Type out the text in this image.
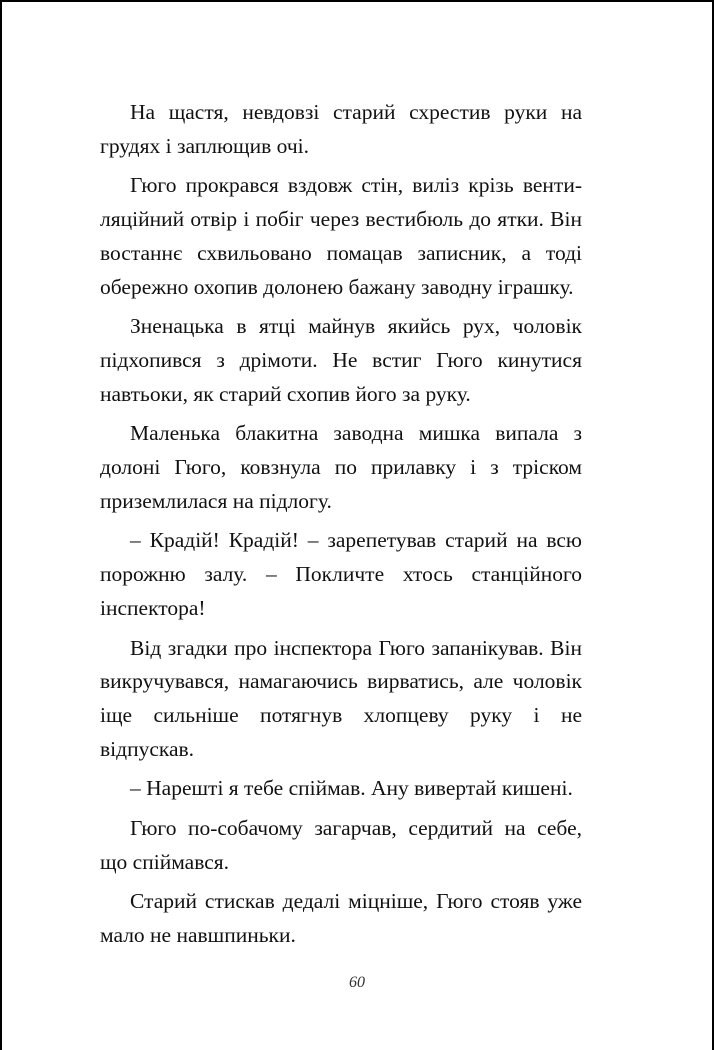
На щастя, невдовзі старий схрестив руки на грудях і заплющив очі.

Гюго прокрався вздовж стін, виліз крізь вентиляційний отвір і побіг через вестибюль до ятки. Він востаннє схвильовано помацав записник, а тоді обережно охопив долонею бажану заводну іграшку.

Зненацька в ятці майнув якийсь рух, чоловік підхопився з дрімоти. Не встиг Гюго кинутися навтьоки, як старий схопив його за руку.

Маленька блакитна заводна мишка випала з долоні Гюго, ковзнула по прилавку і з тріском приземлилася на підлогу.

– Крадій! Крадій! – зарепетував старий на всю порожню залу. – Покличте хтось станційного інспектора!

Від згадки про інспектора Гюго запанікував. Він викручувався, намагаючись вирватись, але чоловік іще сильніше потягнув хлопцеву руку і не відпускав.

– Нарешті я тебе спіймав. Ану вивертай кишені.

Гюго по-собачому загарчав, сердитий на себе, що спіймався.

Старий стискав дедалі міцніше, Гюго стояв уже мало не навшпиньки.

60
